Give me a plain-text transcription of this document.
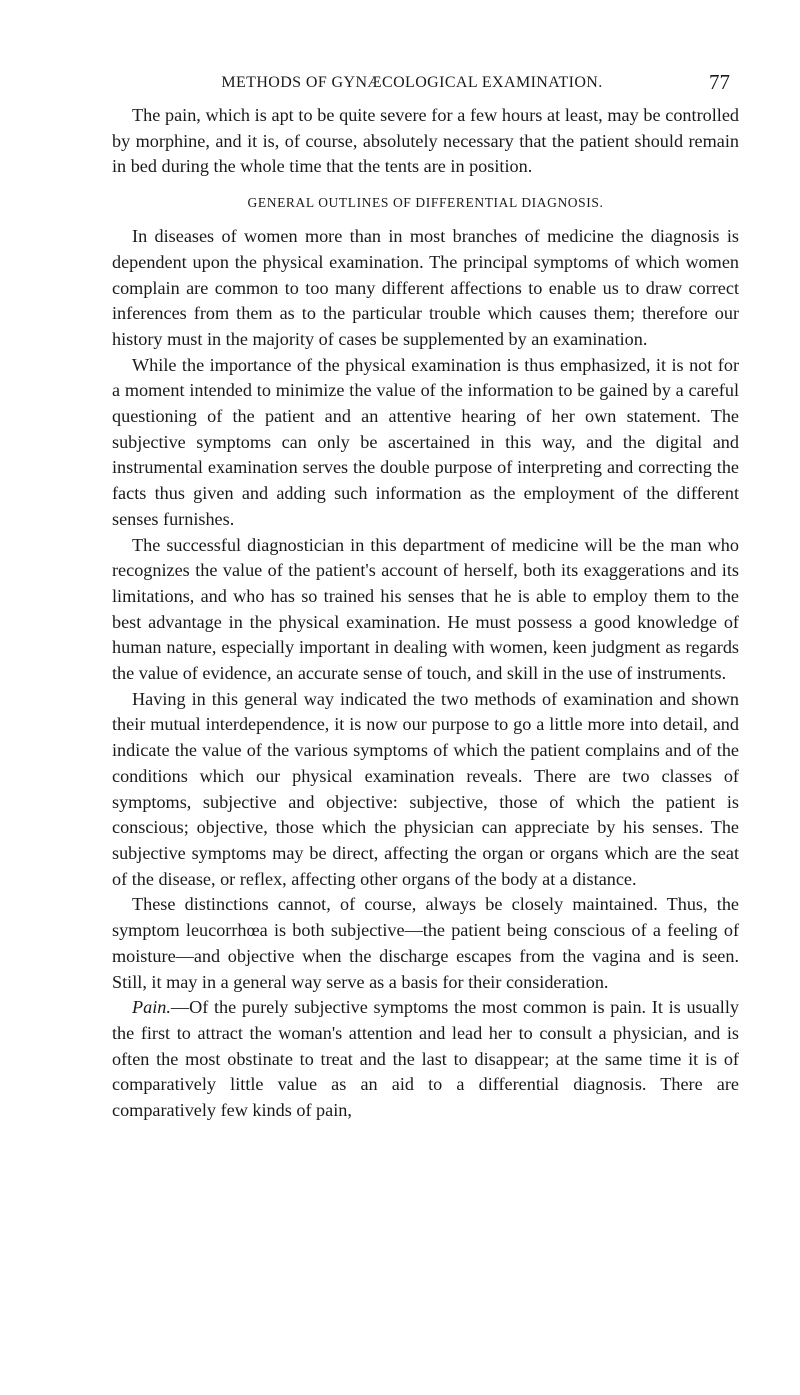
METHODS OF GYNÆCOLOGICAL EXAMINATION.	77

The pain, which is apt to be quite severe for a few hours at least, may be controlled by morphine, and it is, of course, absolutely necessary that the patient should remain in bed during the whole time that the tents are in position.

GENERAL OUTLINES OF DIFFERENTIAL DIAGNOSIS.

In diseases of women more than in most branches of medicine the diagnosis is dependent upon the physical examination. The principal symptoms of which women complain are common to too many different affections to enable us to draw correct inferences from them as to the particular trouble which causes them; therefore our history must in the majority of cases be supplemented by an examination.

While the importance of the physical examination is thus emphasized, it is not for a moment intended to minimize the value of the information to be gained by a careful questioning of the patient and an attentive hearing of her own statement. The subjective symptoms can only be ascertained in this way, and the digital and instrumental examination serves the double purpose of interpreting and correcting the facts thus given and adding such information as the employment of the different senses furnishes.

The successful diagnostician in this department of medicine will be the man who recognizes the value of the patient's account of herself, both its exaggerations and its limitations, and who has so trained his senses that he is able to employ them to the best advantage in the physical examination. He must possess a good knowledge of human nature, especially important in dealing with women, keen judgment as regards the value of evidence, an accurate sense of touch, and skill in the use of instruments.

Having in this general way indicated the two methods of examination and shown their mutual interdependence, it is now our purpose to go a little more into detail, and indicate the value of the various symptoms of which the patient complains and of the conditions which our physical examination reveals. There are two classes of symptoms, subjective and objective: subjective, those of which the patient is conscious; objective, those which the physician can appreciate by his senses. The subjective symptoms may be direct, affecting the organ or organs which are the seat of the disease, or reflex, affecting other organs of the body at a distance.

These distinctions cannot, of course, always be closely maintained. Thus, the symptom leucorrhœa is both subjective—the patient being conscious of a feeling of moisture—and objective when the discharge escapes from the vagina and is seen. Still, it may in a general way serve as a basis for their consideration.

Pain.—Of the purely subjective symptoms the most common is pain. It is usually the first to attract the woman's attention and lead her to consult a physician, and is often the most obstinate to treat and the last to disappear; at the same time it is of comparatively little value as an aid to a differential diagnosis. There are comparatively few kinds of pain,
